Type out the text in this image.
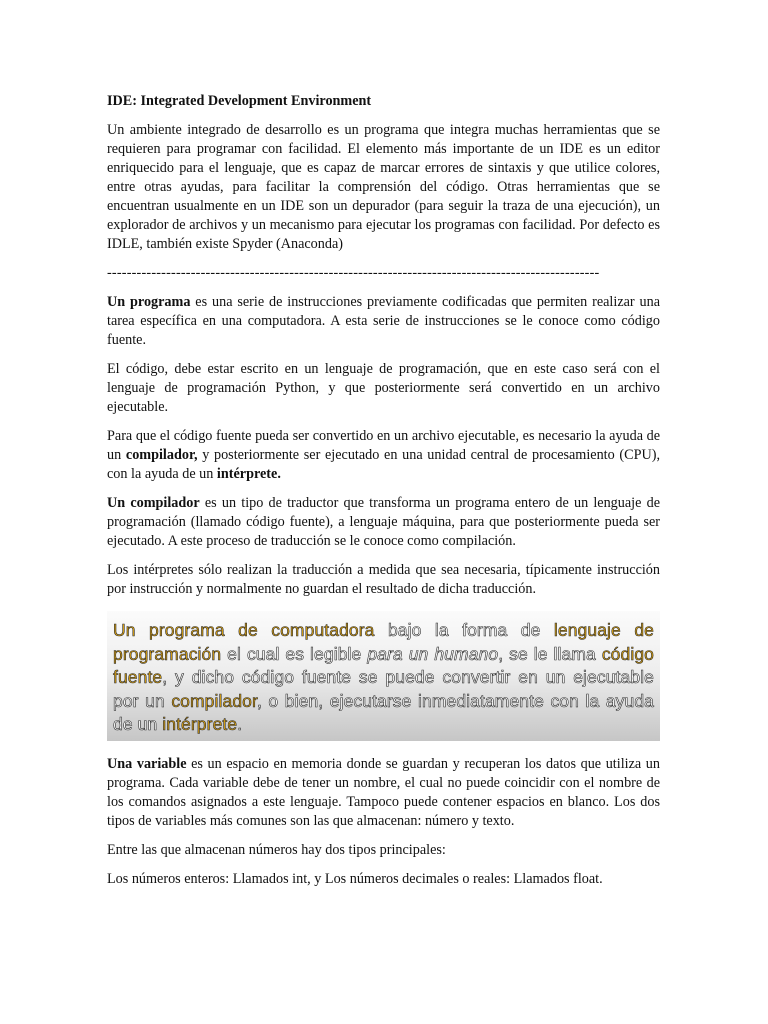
IDE: Integrated Development Environment

Un ambiente integrado de desarrollo es un programa que integra muchas herramientas que se requieren para programar con facilidad. El elemento más importante de un IDE es un editor enriquecido para el lenguaje, que es capaz de marcar errores de sintaxis y que utilice colores, entre otras ayudas, para facilitar la comprensión del código. Otras herramientas que se encuentran usualmente en un IDE son un depurador (para seguir la traza de una ejecución), un explorador de archivos y un mecanismo para ejecutar los programas con facilidad. Por defecto es IDLE, también existe Spyder (Anaconda)

----------------------------------------------------------------------------------------------------

Un programa es una serie de instrucciones previamente codificadas que permiten realizar una tarea específica en una computadora. A esta serie de instrucciones se le conoce como código fuente.

El código, debe estar escrito en un lenguaje de programación, que en este caso será con el lenguaje de programación Python, y que posteriormente será convertido en un archivo ejecutable.

Para que el código fuente pueda ser convertido en un archivo ejecutable, es necesario la ayuda de un compilador, y posteriormente ser ejecutado en una unidad central de procesamiento (CPU), con la ayuda de un intérprete.

Un compilador es un tipo de traductor que transforma un programa entero de un lenguaje de programación (llamado código fuente), a lenguaje máquina, para que posteriormente pueda ser ejecutado. A este proceso de traducción se le conoce como compilación.

Los intérpretes sólo realizan la traducción a medida que sea necesaria, típicamente instrucción por instrucción y normalmente no guardan el resultado de dicha traducción.

Un programa de computadora bajo la forma de lenguaje de programación el cual es legible para un humano, se le llama código fuente, y dicho código fuente se puede convertir en un ejecutable por un compilador, o bien, ejecutarse inmediatamente con la ayuda de un intérprete.

Una variable es un espacio en memoria donde se guardan y recuperan los datos que utiliza un programa. Cada variable debe de tener un nombre, el cual no puede coincidir con el nombre de los comandos asignados a este lenguaje. Tampoco puede contener espacios en blanco. Los dos tipos de variables más comunes son las que almacenan: número y texto.

Entre las que almacenan números hay dos tipos principales:

Los números enteros: Llamados int, y Los números decimales o reales: Llamados float.
